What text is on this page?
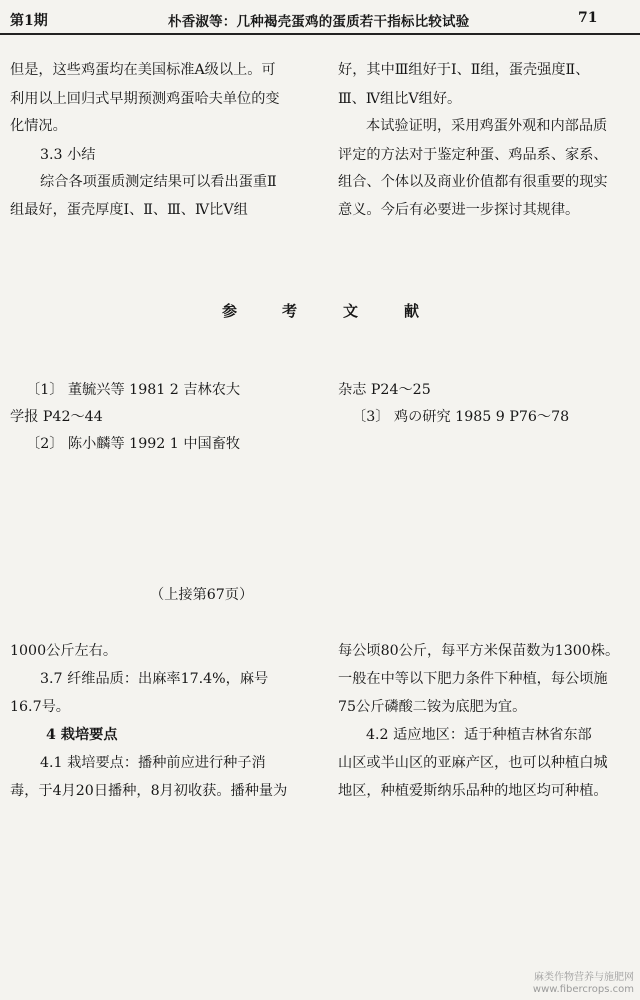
第1期	朴香淑等：几种褐壳蛋鸡的蛋质若干指标比较试验	71
但是，这些鸡蛋均在美国标准A级以上。可
利用以上回归式早期预测鸡蛋哈夫单位的变
化情况。
3.3 小结
综合各项蛋质测定结果可以看出蛋重Ⅱ
组最好，蛋壳厚度Ⅰ、Ⅱ、Ⅲ、Ⅳ比Ⅴ组
好，其中Ⅲ组好于Ⅰ、Ⅱ组，蛋壳强度Ⅱ、
Ⅲ、Ⅳ组比Ⅴ组好。
本试验证明，采用鸡蛋外观和内部品质
评定的方法对于鉴定种蛋、鸡品系、家系、
组合、个体以及商业价值都有很重要的现实
意义。今后有必要进一步探讨其规律。
参	考	文	献
〔1〕 董毓兴等 1981 2 吉林农大
学报 P42～44
〔2〕 陈小麟等 1992 1 中国畜牧
杂志 P24～25
〔3〕 鸡の研究 1985 9 P76～78
（上接第67页）
1000公斤左右。
3.7 纤维品质：出麻率17.4%，麻号
16.7号。
4 栽培要点
4.1 栽培要点：播种前应进行种子消
毒，于4月20日播种，8月初收获。播种量为
每公顷80公斤，每平方米保苗数为1300株。
一般在中等以下肥力条件下种植，每公顷施
75公斤磷酸二铵为底肥为宜。
4.2 适应地区：适于种植吉林省东部
山区或半山区的亚麻产区，也可以种植白城
地区，种植爱斯纳乐品种的地区均可种植。
麻类作物营养与施肥网
www.fibercrops.com
